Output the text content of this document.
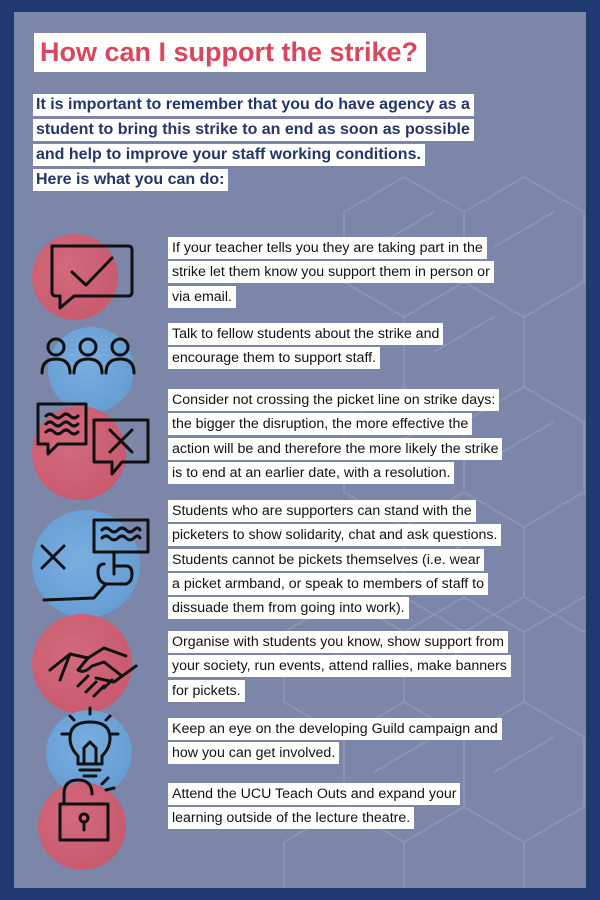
How can I support the strike?
It is important to remember that you do have agency as a
student to bring this strike to an end as soon as possible
and help to improve your staff working conditions.
Here is what you can do:
If your teacher tells you they are taking part in the
strike let them know you support them in person or
via email.
Talk to fellow students about the strike and
encourage them to support staff.
Consider not crossing the picket line on strike days:
the bigger the disruption, the more effective the
action will be and therefore the more likely the strike
is to end at an earlier date, with a resolution.
Students who are supporters can stand with the
picketers to show solidarity, chat and ask questions.
Students cannot be pickets themselves (i.e. wear
a picket armband, or speak to members of staff to
dissuade them from going into work).
Organise with students you know, show support from
your society, run events, attend rallies, make banners
for pickets.
Keep an eye on the developing Guild campaign and
how you can get involved.
Attend the UCU Teach Outs and expand your
learning outside of the lecture theatre.
